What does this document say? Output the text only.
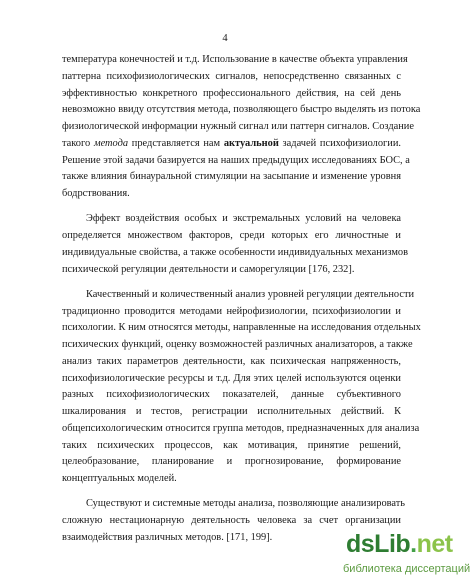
4

температура конечностей и т.д. Использование в качестве объекта управления
паттерна психофизиологических сигналов, непосредственно связанных с
эффективностью конкретного профессионального действия, на сей день
невозможно ввиду отсутствия метода, позволяющего быстро выделять из потока
физиологической информации нужный сигнал или паттерн сигналов. Создание
такого метода представляется нам актуальной задачей психофизиологии.
Решение этой задачи базируется на наших предыдущих исследованиях БОС, а
также влияния бинауральной стимуляции на засыпание и изменение уровня
бодрствования.

Эффект воздействия особых и экстремальных условий на человека
определяется множеством факторов, среди которых его личностные и
индивидуальные свойства, а также особенности индивидуальных механизмов
психической регуляции деятельности и саморегуляции [176, 232].

Качественный и количественный анализ уровней регуляции деятельности
традиционно проводится методами нейрофизиологии, психофизиологии и
психологии. К ним относятся методы, направленные на исследования отдельных
психических функций, оценку возможностей различных анализаторов, а также
анализ таких параметров деятельности, как психическая напряженность,
психофизиологические ресурсы и т.д. Для этих целей используются оценки
разных психофизиологических показателей, данные субъективного
шкалирования и тестов, регистрации исполнительных действий. К
общепсихологическим относится группа методов, предназначенных для анализа
таких психических процессов, как мотивация, принятие решений,
целеобразование, планирование и прогнозирование, формирование
концептуальных моделей.

Существуют и системные методы анализа, позволяющие анализировать
сложную нестационарную деятельность человека за счет организации
взаимодействия различных методов. [171, 199].	dsLib.net
библиотека диссертаций
